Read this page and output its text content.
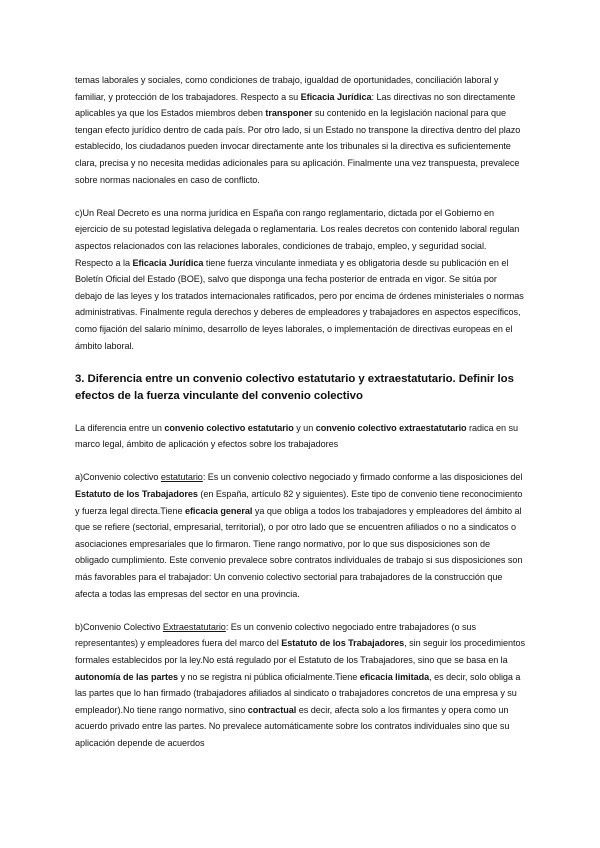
temas laborales y sociales, como condiciones de trabajo, igualdad de oportunidades, conciliación laboral y familiar, y protección de los trabajadores. Respecto a su Eficacia Jurídica: Las directivas no son directamente aplicables ya que los Estados miembros deben transponer su contenido en la legislación nacional para que tengan efecto jurídico dentro de cada país. Por otro lado, si un Estado no transpone la directiva dentro del plazo establecido, los ciudadanos pueden invocar directamente ante los tribunales si la directiva es suficientemente clara, precisa y no necesita medidas adicionales para su aplicación. Finalmente una vez transpuesta, prevalece sobre normas nacionales en caso de conflicto.

c)Un Real Decreto es una norma jurídica en España con rango reglamentario, dictada por el Gobierno en ejercicio de su potestad legislativa delegada o reglamentaria. Los reales decretos con contenido laboral regulan aspectos relacionados con las relaciones laborales, condiciones de trabajo, empleo, y seguridad social. Respecto a la Eficacia Jurídica tiene fuerza vinculante inmediata y es obligatoria desde su publicación en el Boletín Oficial del Estado (BOE), salvo que disponga una fecha posterior de entrada en vigor. Se sitúa por debajo de las leyes y los tratados internacionales ratificados, pero por encima de órdenes ministeriales o normas administrativas. Finalmente regula derechos y deberes de empleadores y trabajadores en aspectos específicos, como fijación del salario mínimo, desarrollo de leyes laborales, o implementación de directivas europeas en el ámbito laboral.

3. Diferencia entre un convenio colectivo estatutario y extraestatutario. Definir los efectos de la fuerza vinculante del convenio colectivo

La diferencia entre un convenio colectivo estatutario y un convenio colectivo extraestatutario radica en su marco legal, ámbito de aplicación y efectos sobre los trabajadores

a)Convenio colectivo estatutario: Es un convenio colectivo negociado y firmado conforme a las disposiciones del Estatuto de los Trabajadores (en España, artículo 82 y siguientes). Este tipo de convenio tiene reconocimiento y fuerza legal directa.Tiene eficacia general ya que obliga a todos los trabajadores y empleadores del ámbito al que se refiere (sectorial, empresarial, territorial), o por otro lado que se encuentren afiliados o no a sindicatos o asociaciones empresariales que lo firmaron. Tiene rango normativo, por lo que sus disposiciones son de obligado cumplimiento. Este convenio prevalece sobre contratos individuales de trabajo si sus disposiciones son más favorables para el trabajador: Un convenio colectivo sectorial para trabajadores de la construcción que afecta a todas las empresas del sector en una provincia.

b)Convenio Colectivo Extraestatutario: Es un convenio colectivo negociado entre trabajadores (o sus representantes) y empleadores fuera del marco del Estatuto de los Trabajadores, sin seguir los procedimientos formales establecidos por la ley.No está regulado por el Estatuto de los Trabajadores, sino que se basa en la autonomía de las partes y no se registra ni pública oficialmente.Tiene eficacia limitada, es decir, solo obliga a las partes que lo han firmado (trabajadores afiliados al sindicato o trabajadores concretos de una empresa y su empleador).No tiene rango normativo, sino contractual es decir, afecta solo a los firmantes y opera como un acuerdo privado entre las partes. No prevalece automáticamente sobre los contratos individuales sino que su aplicación depende de acuerdos
